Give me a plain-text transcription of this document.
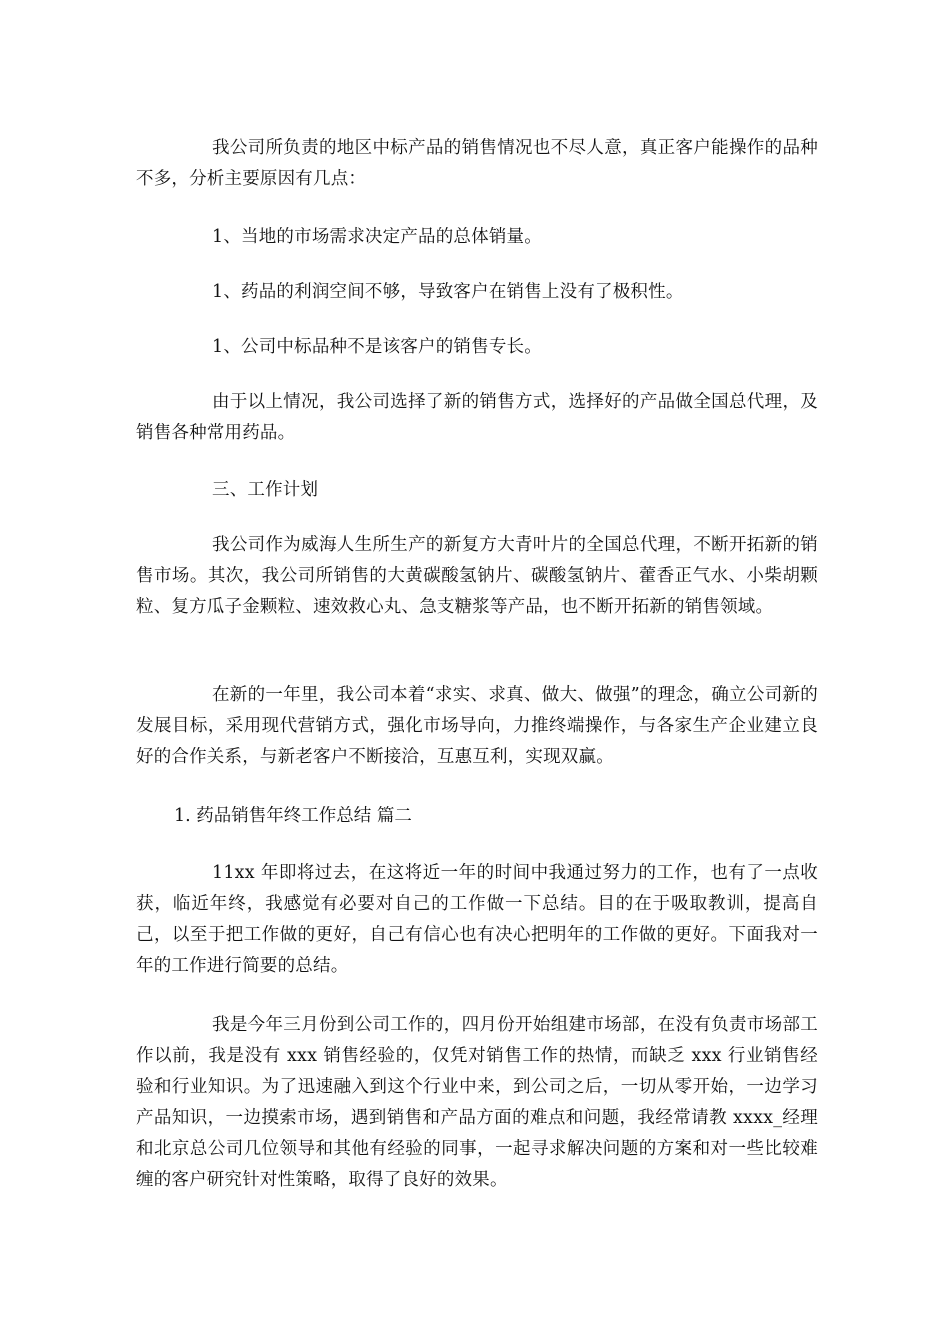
我公司所负责的地区中标产品的销售情况也不尽人意，真正客户能操作的品种不多，分析主要原因有几点：

1、当地的市场需求决定产品的总体销量。

1、药品的利润空间不够，导致客户在销售上没有了极积性。

1、公司中标品种不是该客户的销售专长。

由于以上情况，我公司选择了新的销售方式，选择好的产品做全国总代理，及销售各种常用药品。

三、工作计划

我公司作为威海人生所生产的新复方大青叶片的全国总代理，不断开拓新的销售市场。其次，我公司所销售的大黄碳酸氢钠片、碳酸氢钠片、藿香正气水、小柴胡颗粒、复方瓜子金颗粒、速效救心丸、急支糖浆等产品，也不断开拓新的销售领域。

在新的一年里，我公司本着“求实、求真、做大、做强”的理念，确立公司新的发展目标，采用现代营销方式，强化市场导向，力推终端操作，与各家生产企业建立良好的合作关系，与新老客户不断接洽，互惠互利，实现双赢。

1. 药品销售年终工作总结 篇二

11xx 年即将过去，在这将近一年的时间中我通过努力的工作，也有了一点收获，临近年终，我感觉有必要对自己的工作做一下总结。目的在于吸取教训，提高自己，以至于把工作做的更好，自己有信心也有决心把明年的工作做的更好。下面我对一年的工作进行简要的总结。

我是今年三月份到公司工作的，四月份开始组建市场部，在没有负责市场部工作以前，我是没有 xxx 销售经验的，仅凭对销售工作的热情，而缺乏 xxx 行业销售经验和行业知识。为了迅速融入到这个行业中来，到公司之后，一切从零开始，一边学习产品知识，一边摸索市场，遇到销售和产品方面的难点和问题，我经常请教 xxxx_经理和北京总公司几位领导和其他有经验的同事，一起寻求解决问题的方案和对一些比较难缠的客户研究针对性策略，取得了良好的效果。
